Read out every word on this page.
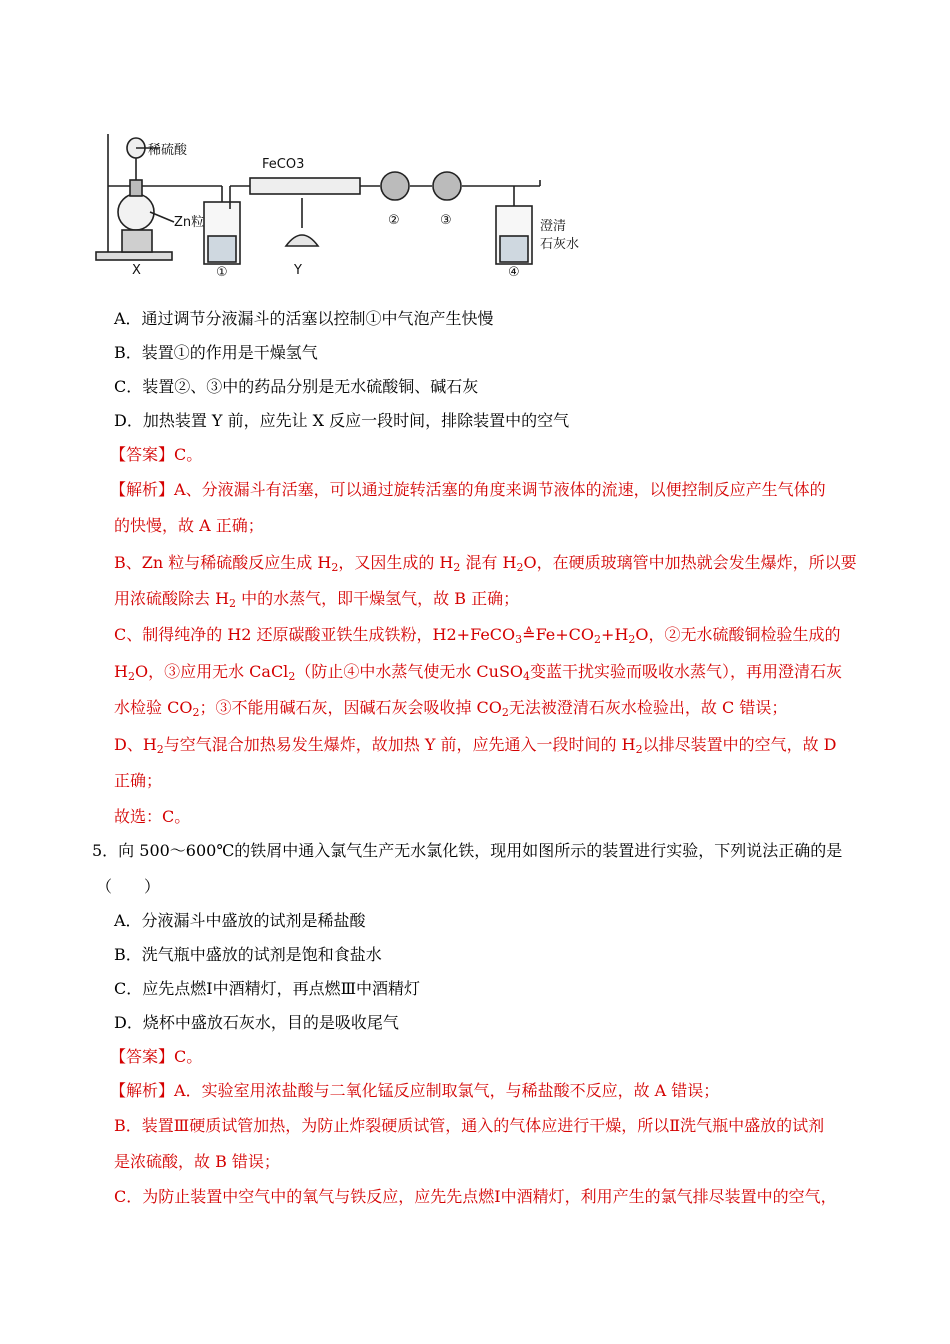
稀硫酸
Zn粒
FeCO3
澄清
石灰水
X	Y
①
②	③
④
A．通过调节分液漏斗的活塞以控制①中气泡产生快慢
B．装置①的作用是干燥氢气
C．装置②、③中的药品分别是无水硫酸铜、碱石灰
D．加热装置 Y 前，应先让 X 反应一段时间，排除装置中的空气
【答案】C。
【解析】A、分液漏斗有活塞，可以通过旋转活塞的角度来调节液体的流速，以便控制反应产生气体的
的快慢，故 A 正确；
B、Zn 粒与稀硫酸反应生成 $H_2$，又因生成的 $H_2$ 混有 $H_2O$，在硬质玻璃管中加热就会发生爆炸，所以要
用浓硫酸除去 $H_2$ 中的水蒸气，即干燥氢气，故 B 正确；
C、制得纯净的 H2 还原碳酸亚铁生成铁粉，$H2+FeCO_3≜Fe+CO_2+H_2O$，②无水硫酸铜检验生成的
$H_2O$，③应用无水 CaCl$_2$（防止④中水蒸气使无水 CuSO$_4$变蓝干扰实验而吸收水蒸气），再用澄清石灰
水检验 $CO_2$；③不能用碱石灰，因碱石灰会吸收掉 $CO_2$无法被澄清石灰水检验出，故 C 错误；
D、$H_2$与空气混合加热易发生爆炸，故加热 Y 前，应先通入一段时间的 $H_2$以排尽装置中的空气，故 D
正确；
故选：C。
5．向 500～600℃的铁屑中通入氯气生产无水氯化铁，现用如图所示的装置进行实验，下列说法正确的是
（　　）
A．分液漏斗中盛放的试剂是稀盐酸
B．洗气瓶中盛放的试剂是饱和食盐水
C．应先点燃Ⅰ中酒精灯，再点燃Ⅲ中酒精灯
D．烧杯中盛放石灰水，目的是吸收尾气
【答案】C。
【解析】A．实验室用浓盐酸与二氧化锰反应制取氯气，与稀盐酸不反应，故 A 错误；
B．装置Ⅲ硬质试管加热，为防止炸裂硬质试管，通入的气体应进行干燥，所以Ⅱ洗气瓶中盛放的试剂
是浓硫酸，故 B 错误；
C．为防止装置中空气中的氧气与铁反应，应先先点燃Ⅰ中酒精灯，利用产生的氯气排尽装置中的空气，
